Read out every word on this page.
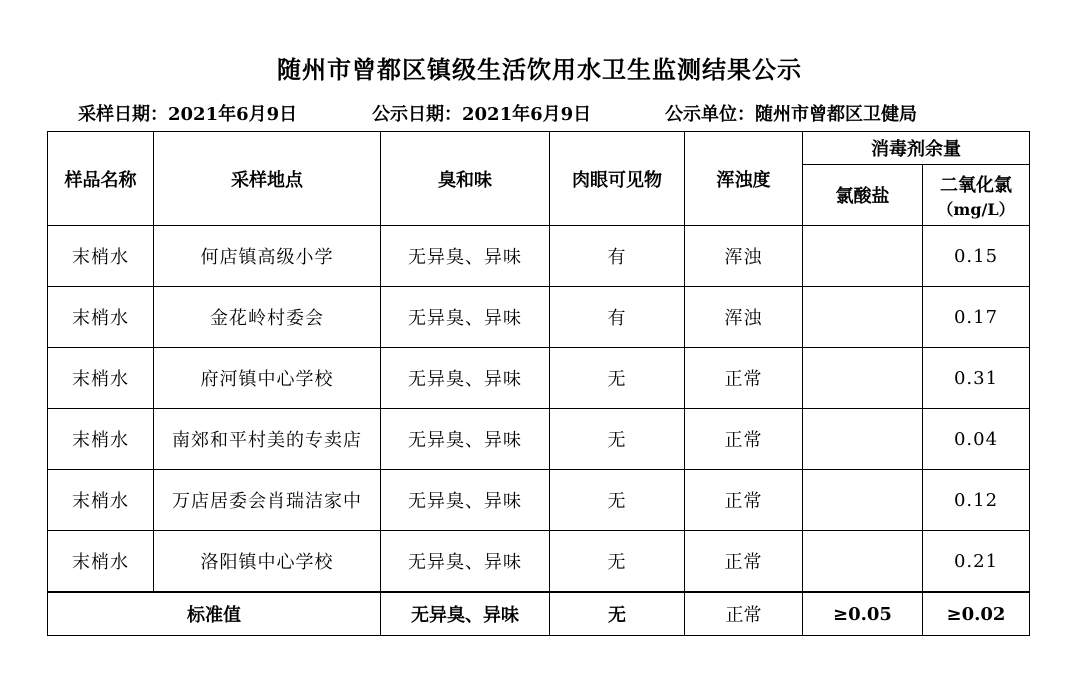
随州市曾都区镇级生活饮用水卫生监测结果公示
采样日期：2021年6月9日	公示日期：2021年6月9日	公示单位：随州市曾都区卫健局
样品名称	采样地点	臭和味	肉眼可见物	浑浊度	消毒剂余量	
					氯酸盐	二氧化氯
（mg/L）

末梢水	何店镇高级小学	无异臭、异味	有	浑浊		0.15
末梢水	金花岭村委会	无异臭、异味	有	浑浊		0.17
末梢水	府河镇中心学校	无异臭、异味	无	正常		0.31
末梢水	南郊和平村美的专卖店	无异臭、异味	无	正常		0.04
末梢水	万店居委会肖瑞洁家中	无异臭、异味	无	正常		0.12
末梢水	洛阳镇中心学校	无异臭、异味	无	正常		0.21
标准值		无异臭、异味	无	正常	≥0.05	≥0.02
